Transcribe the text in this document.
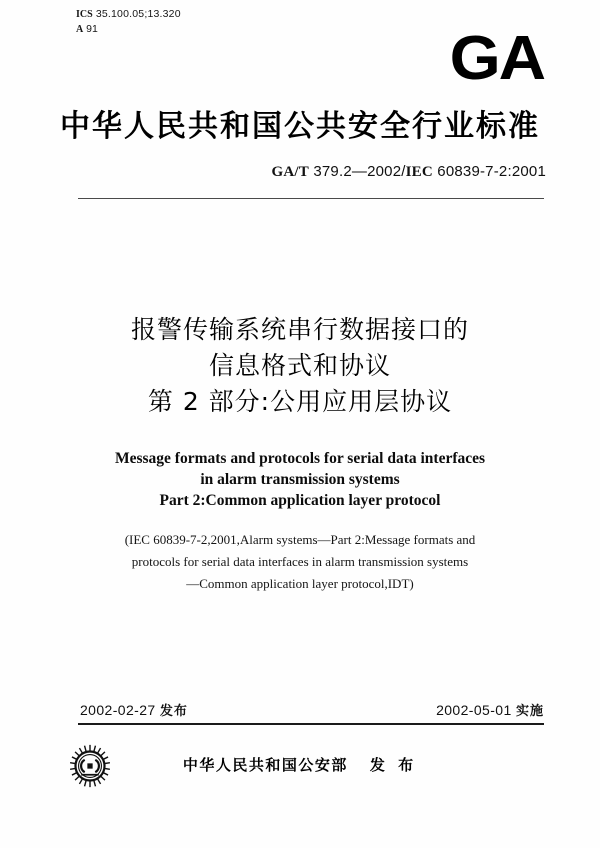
ICS 35.100.05;13.320
A 91	GA
中华人民共和国公共安全行业标准
GA/T 379.2—2002/IEC 60839-7-2:2001
报警传输系统串行数据接口的
信息格式和协议
第 2 部分:公用应用层协议
Message formats and protocols for serial data interfaces
in alarm transmission systems
Part 2:Common application layer protocol
(IEC 60839-7-2,2001,Alarm systems—Part 2:Message formats and
protocols for serial data interfaces in alarm transmission systems
—Common application layer protocol,IDT)
2002-02-27 发布	2002-05-01 实施
中华人民共和国公安部 发 布
